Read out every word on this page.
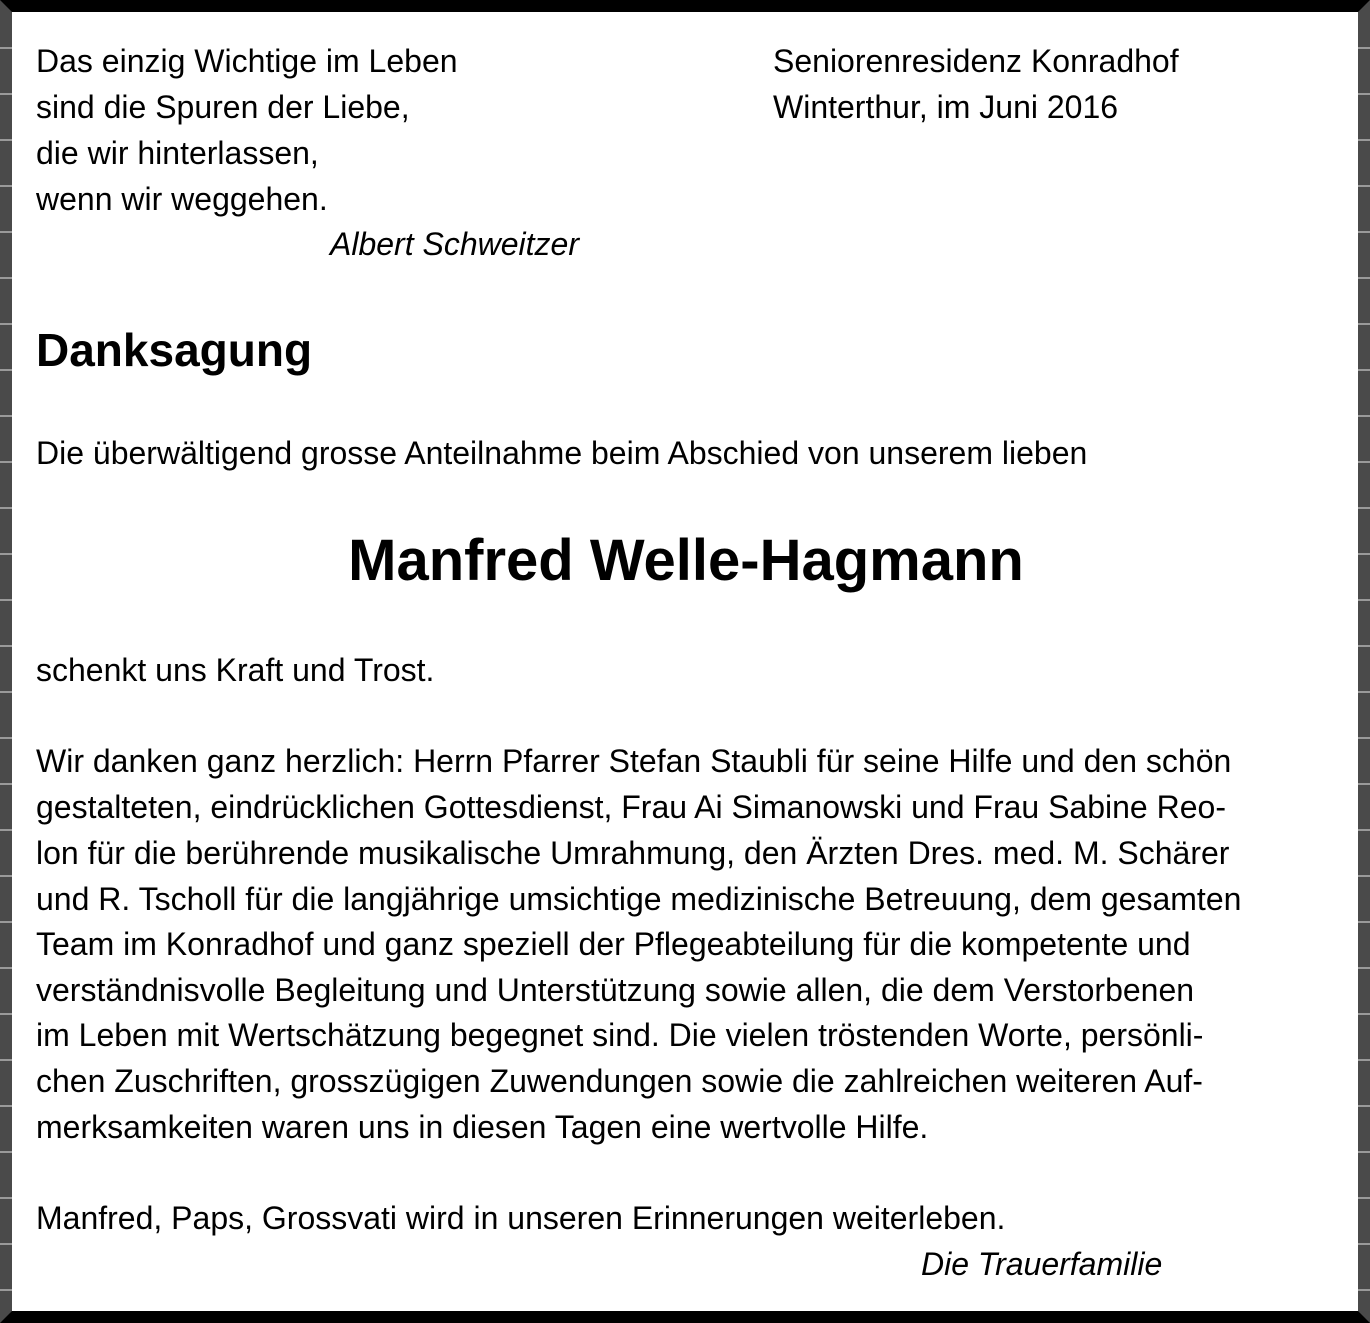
Das einzig Wichtige im Leben
sind die Spuren der Liebe,
die wir hinterlassen,
wenn wir weggehen.
Albert Schweitzer
Seniorenresidenz Konradhof
Winterthur, im Juni 2016
Danksagung
Die überwältigend grosse Anteilnahme beim Abschied von unserem lieben
Manfred Welle-Hagmann
schenkt uns Kraft und Trost.
Wir danken ganz herzlich: Herrn Pfarrer Stefan Staubli für seine Hilfe und den schön
gestalteten, eindrücklichen Gottesdienst, Frau Ai Simanowski und Frau Sabine Reo-
lon für die berührende musikalische Umrahmung, den Ärzten Dres. med. M. Schärer
und R. Tscholl für die langjährige umsichtige medizinische Betreuung, dem gesamten
Team im Konradhof und ganz speziell der Pflegeabteilung für die kompetente und
verständnisvolle Begleitung und Unterstützung sowie allen, die dem Verstorbenen
im Leben mit Wertschätzung begegnet sind. Die vielen tröstenden Worte, persönli-
chen Zuschriften, grosszügigen Zuwendungen sowie die zahlreichen weiteren Auf-
merksamkeiten waren uns in diesen Tagen eine wertvolle Hilfe.
Manfred, Paps, Grossvati wird in unseren Erinnerungen weiterleben.
Die Trauerfamilie
